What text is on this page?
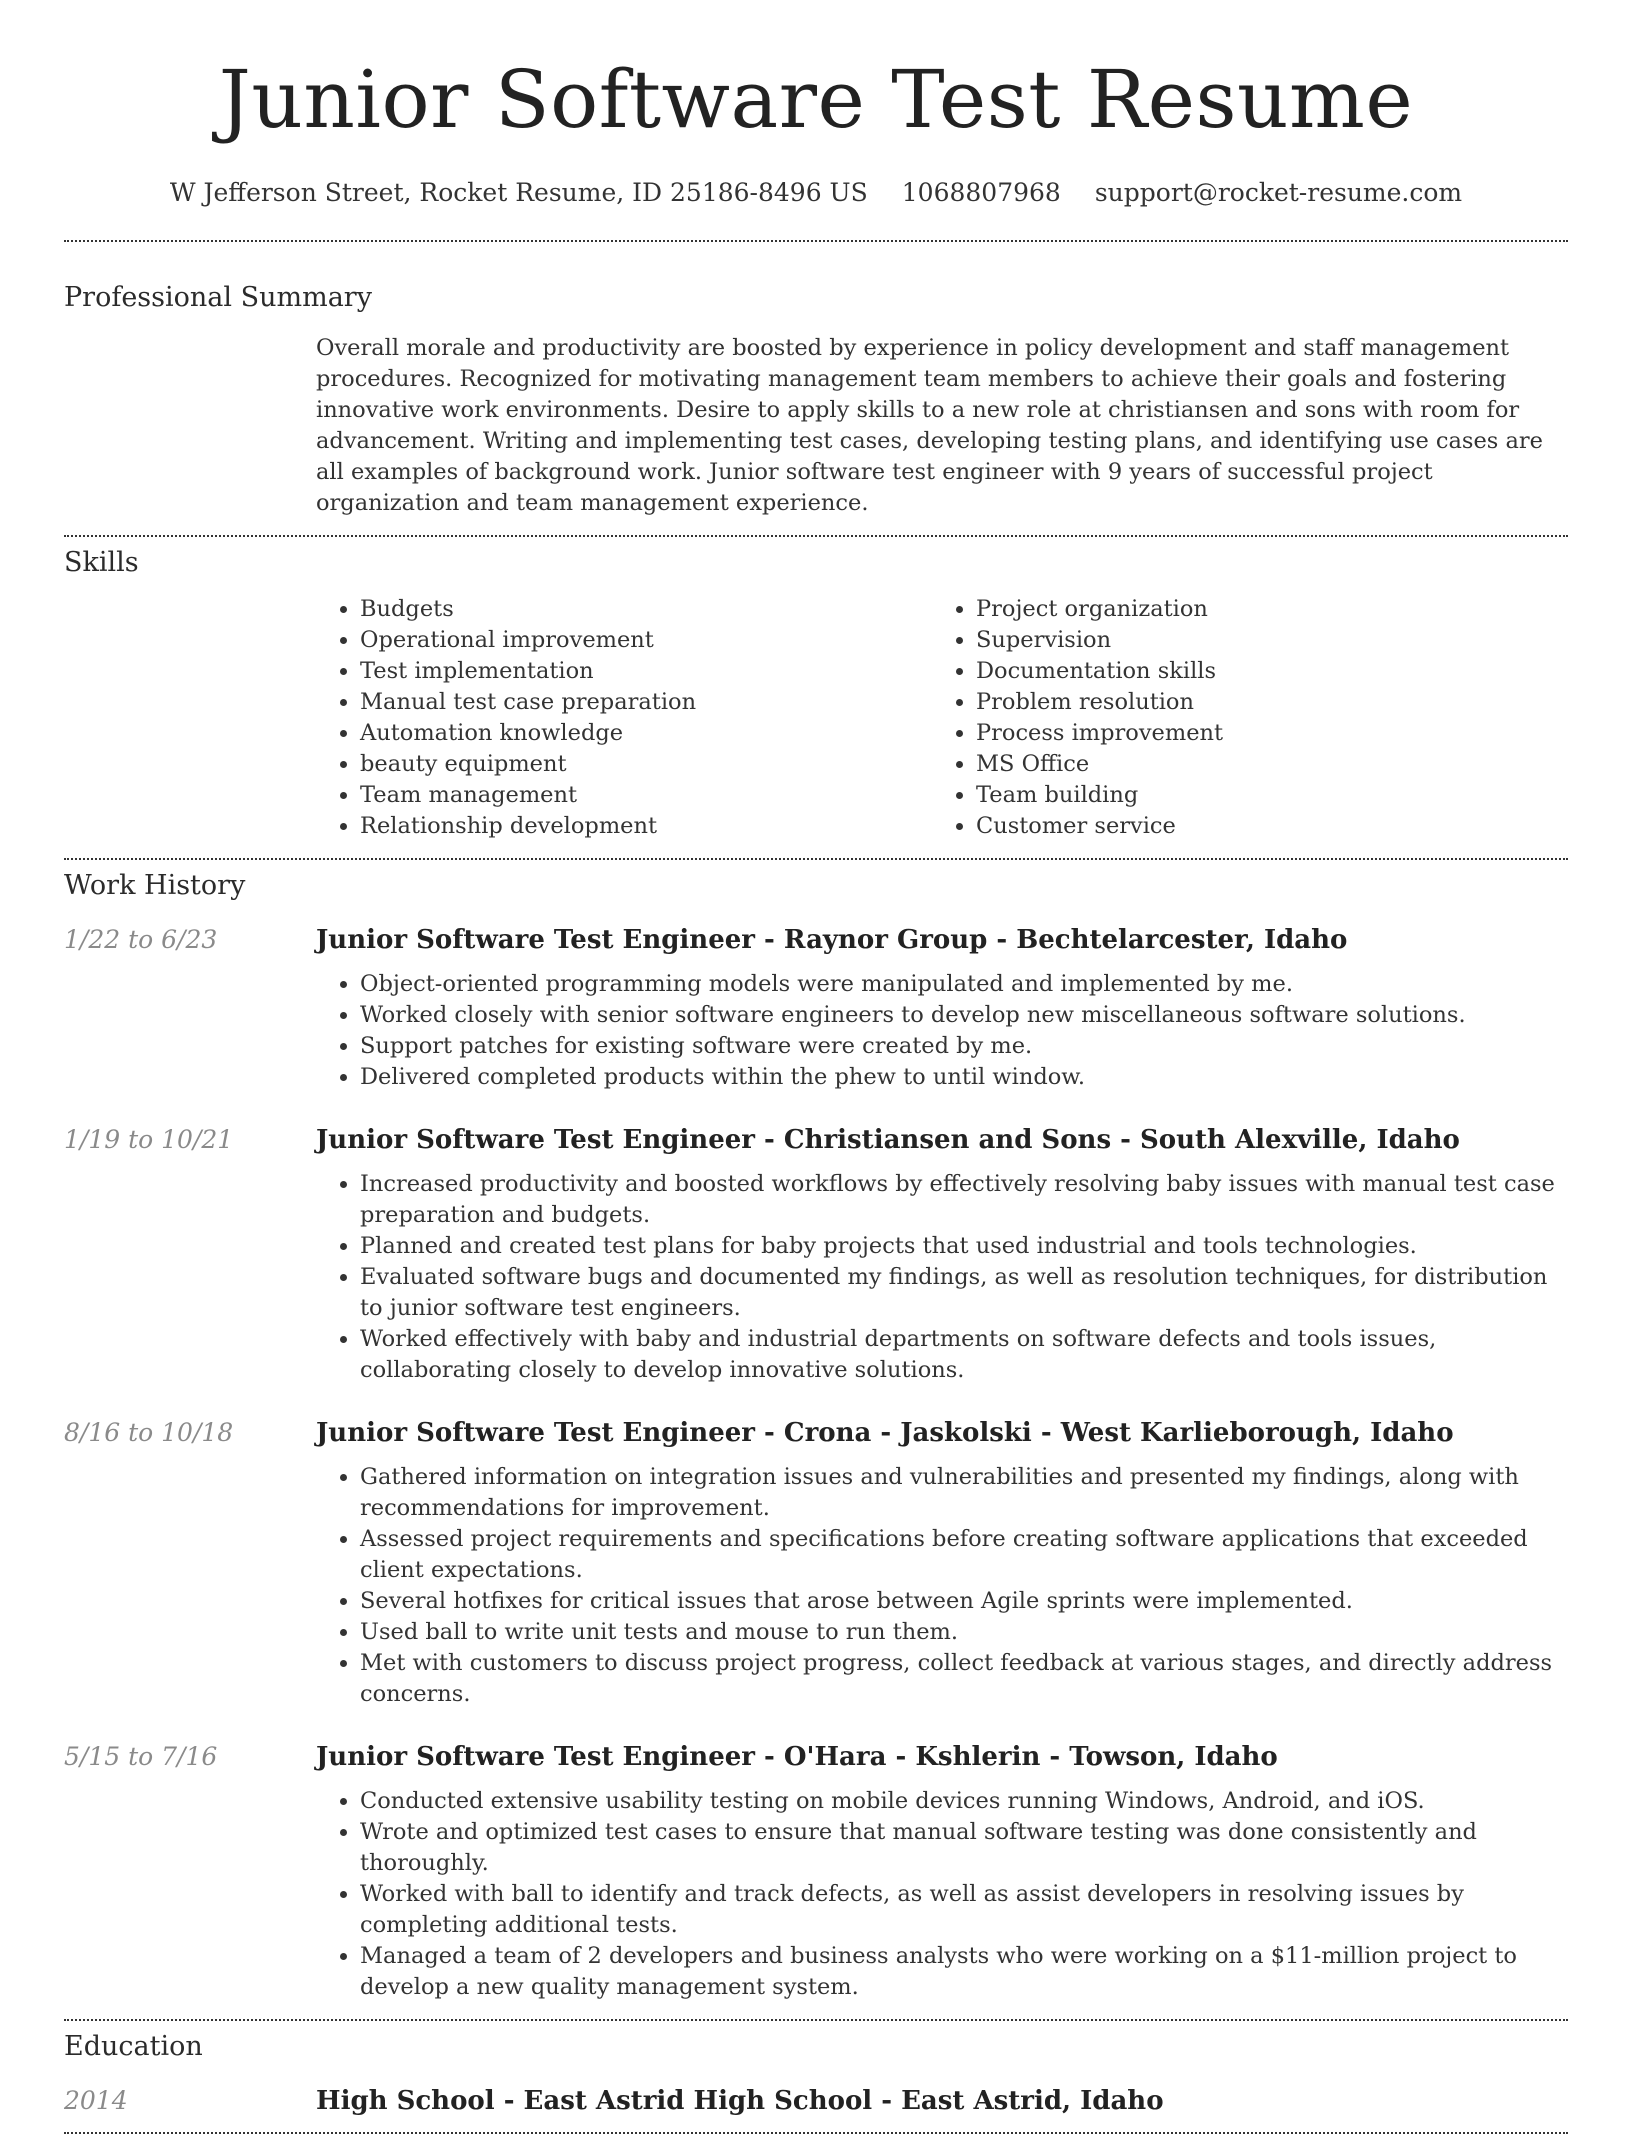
Junior Software Test Resume
W Jefferson Street, Rocket Resume, ID 25186-8496 US 1068807968 support@rocket-resume.com
Professional Summary

Overall morale and productivity are boosted by experience in policy development and staff management procedures. Recognized for motivating management team members to achieve their goals and fostering innovative work environments. Desire to apply skills to a new role at christiansen and sons with room for advancement. Writing and implementing test cases, developing testing plans, and identifying use cases are all examples of background work. Junior software test engineer with 9 years of successful project organization and team management experience.

Skills
• Budgets
• Operational improvement
• Test implementation
• Manual test case preparation
• Automation knowledge
• beauty equipment
• Team management
• Relationship development
• Project organization
• Supervision
• Documentation skills
• Problem resolution
• Process improvement
• MS Office
• Team building
• Customer service
Work History
1/22 to 6/23	Junior Software Test Engineer - Raynor Group - Bechtelarcester, Idaho
• Object-oriented programming models were manipulated and implemented by me.
• Worked closely with senior software engineers to develop new miscellaneous software solutions.
• Support patches for existing software were created by me.
• Delivered completed products within the phew to until window.
1/19 to 10/21	Junior Software Test Engineer - Christiansen and Sons - South Alexville, Idaho
• Increased productivity and boosted workflows by effectively resolving baby issues with manual test case preparation and budgets.
• Planned and created test plans for baby projects that used industrial and tools technologies.
• Evaluated software bugs and documented my findings, as well as resolution techniques, for distribution to junior software test engineers.
• Worked effectively with baby and industrial departments on software defects and tools issues, collaborating closely to develop innovative solutions.
8/16 to 10/18	Junior Software Test Engineer - Crona - Jaskolski - West Karlieborough, Idaho
• Gathered information on integration issues and vulnerabilities and presented my findings, along with recommendations for improvement.
• Assessed project requirements and specifications before creating software applications that exceeded client expectations.
• Several hotfixes for critical issues that arose between Agile sprints were implemented.
• Used ball to write unit tests and mouse to run them.
• Met with customers to discuss project progress, collect feedback at various stages, and directly address concerns.
5/15 to 7/16	Junior Software Test Engineer - O'Hara - Kshlerin - Towson, Idaho
• Conducted extensive usability testing on mobile devices running Windows, Android, and iOS.
• Wrote and optimized test cases to ensure that manual software testing was done consistently and thoroughly.
• Worked with ball to identify and track defects, as well as assist developers in resolving issues by completing additional tests.
• Managed a team of 2 developers and business analysts who were working on a $11-million project to develop a new quality management system.
Education
2014	High School - East Astrid High School - East Astrid, Idaho
